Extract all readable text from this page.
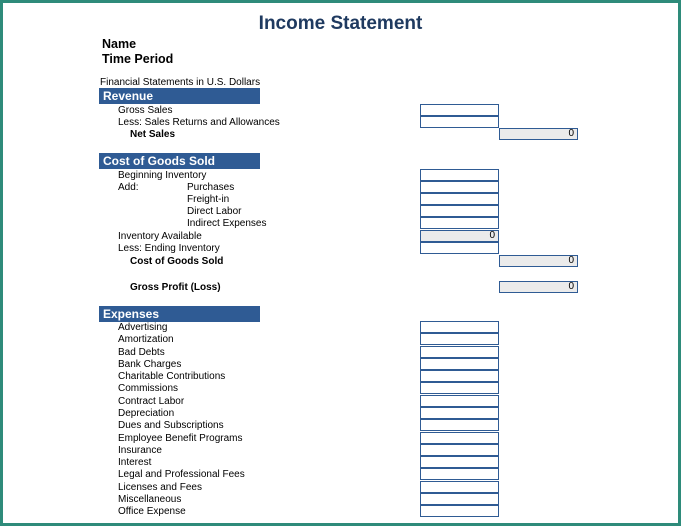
Income Statement
Name
Time Period
Financial Statements in U.S. Dollars
Revenue
Gross Sales
Less: Sales Returns and Allowances
Net Sales	0
Cost of Goods Sold
Beginning Inventory
Add:	Purchases
Freight-in
Direct Labor
Indirect Expenses
Inventory Available	0
Less: Ending Inventory
Cost of Goods Sold	0
Gross Profit (Loss)	0
Expenses
Advertising
Amortization
Bad Debts
Bank Charges
Charitable Contributions
Commissions
Contract Labor
Depreciation
Dues and Subscriptions
Employee Benefit Programs
Insurance
Interest
Legal and Professional Fees
Licenses and Fees
Miscellaneous
Office Expense
